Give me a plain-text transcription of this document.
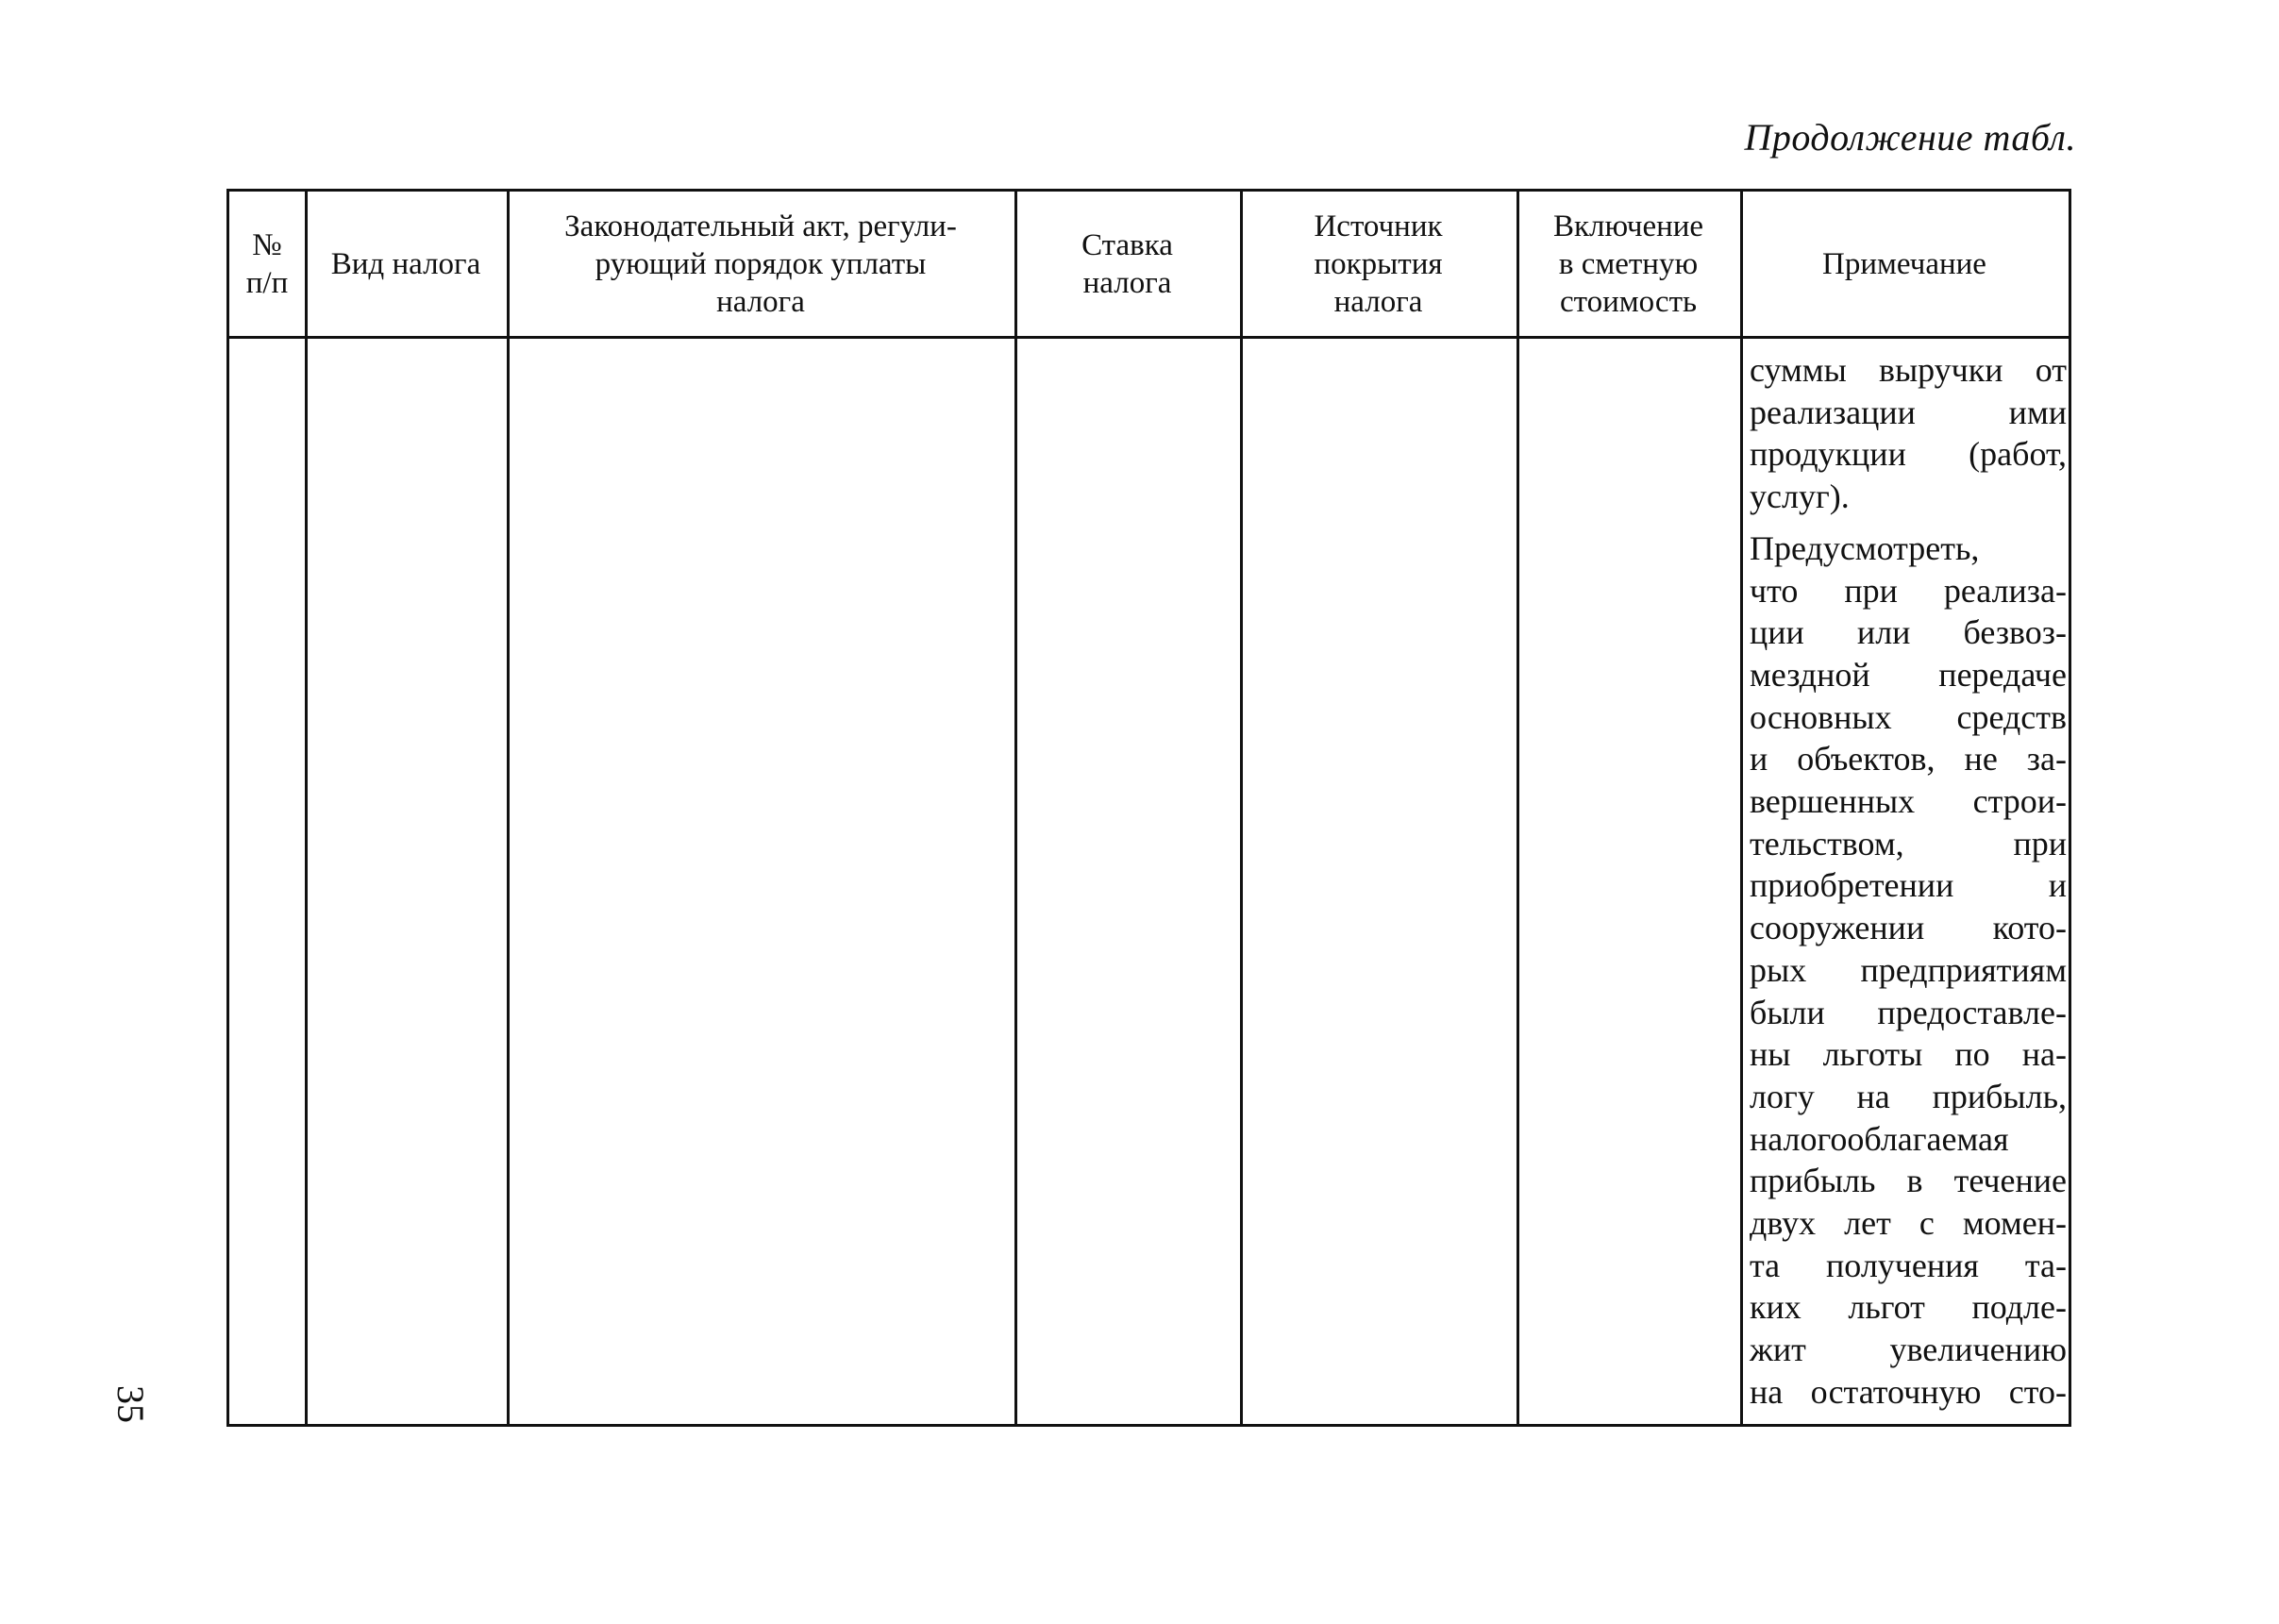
Продолжение табл.
35
№
п/п
Вид налога
Законодательный акт, регули-
рующий порядок уплаты
налога
Ставка
налога
Источник
покрытия
налога
Включение
в сметную
стоимость
Примечание

суммы выручки от
реализации ими
продукции (работ,
услуг).

Предусмотреть,
что при реализа-
ции или безвоз-
мездной передаче
основных средств
и объектов, не за-
вершенных строи-
тельством, при
приобретении и
сооружении кото-
рых предприятиям
были предоставле-
ны льготы по на-
логу на прибыль,
налогооблагаемая
прибыль в течение
двух лет с момен-
та получения та-
ких льгот подле-
жит увеличению
на остаточную сто-
